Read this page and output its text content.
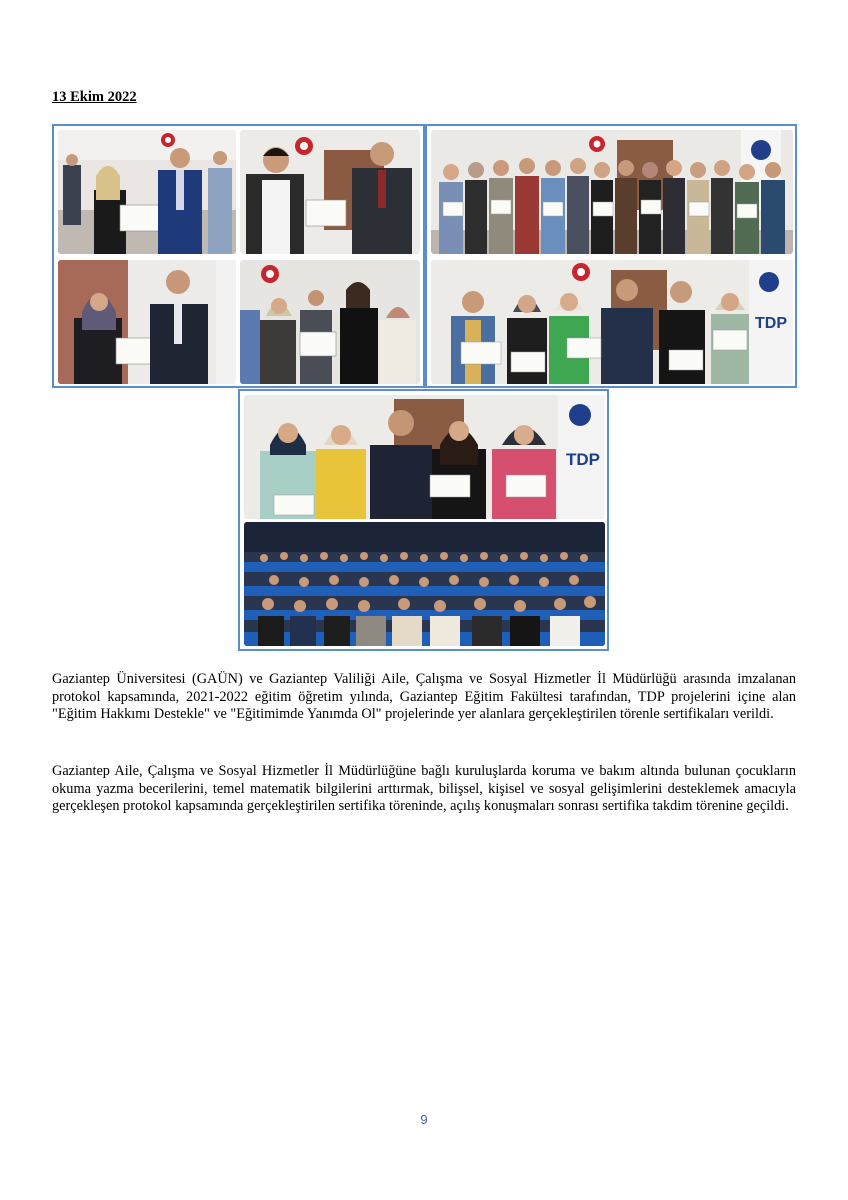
13 Ekim 2022
TDP
TDP

Gaziantep Üniversitesi (GAÜN) ve Gaziantep Valiliği Aile, Çalışma ve Sosyal Hizmetler İl Müdürlüğü arasında imzalanan protokol kapsamında, 2021-2022 eğitim öğretim yılında, Gaziantep Eğitim Fakültesi tarafından, TDP projelerini içine alan "Eğitim Hakkımı Destekle" ve "Eğitimimde Yanımda Ol" projelerinde yer alanlara gerçekleştirilen törenle sertifikaları verildi.

Gaziantep Aile, Çalışma ve Sosyal Hizmetler İl Müdürlüğüne bağlı kuruluşlarda koruma ve bakım altında bulunan çocukların okuma yazma becerilerini, temel matematik bilgilerini arttırmak, bilişsel, kişisel ve sosyal gelişimlerini desteklemek amacıyla gerçekleşen protokol kapsamında gerçekleştirilen sertifika töreninde, açılış konuşmaları sonrası sertifika takdim törenine geçildi.

9
